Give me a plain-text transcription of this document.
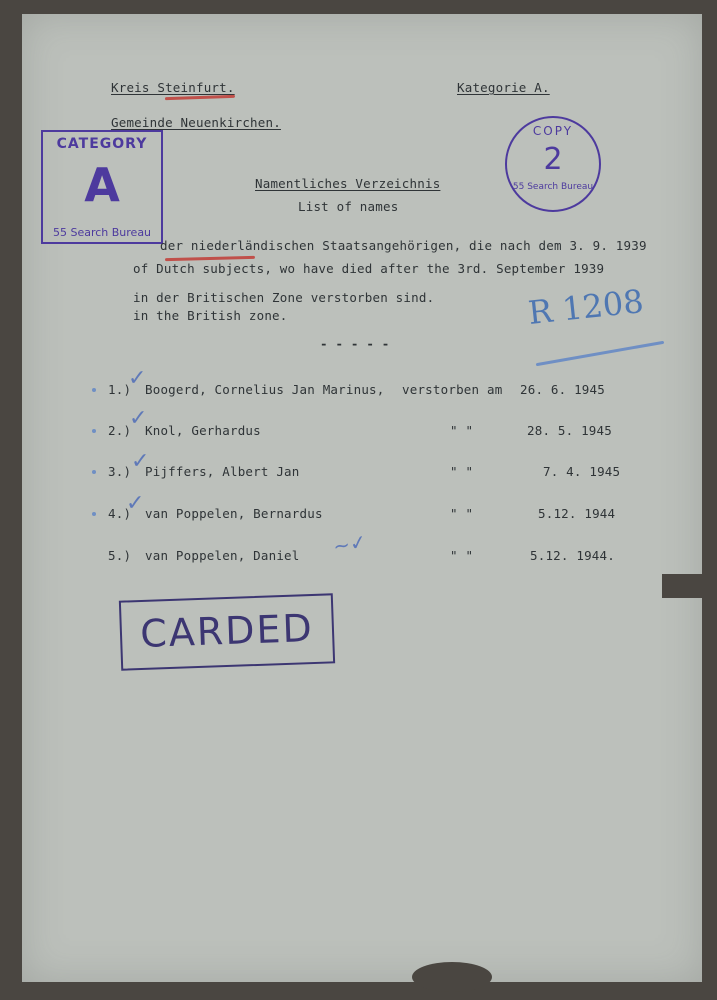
Kreis Steinfurt.
Gemeinde Neuenkirchen.
Kategorie A.
CATEGORY
A
55 Search Bureau
COPY
2
55 Search Bureau
Namentliches Verzeichnis
List of names
der niederländischen Staatsangehörigen, die nach dem 3. 9. 1939
of Dutch subjects, wo have died after the 3rd. September 1939
in der Britischen Zone verstorben sind.
in the British zone.
- - - - -
R 1208
1.) Boogerd, Cornelius Jan Marinus, verstorben am 26. 6. 1945
2.) Knol, Gerhardus	" "	28. 5. 1945
3.) Pijffers, Albert Jan	" "	7. 4. 1945
4.) van Poppelen, Bernardus	" "	5.12. 1944
5.) van Poppelen, Daniel	" "	5.12. 1944.
✓
✓
✓
✓
∼✓
CARDED
